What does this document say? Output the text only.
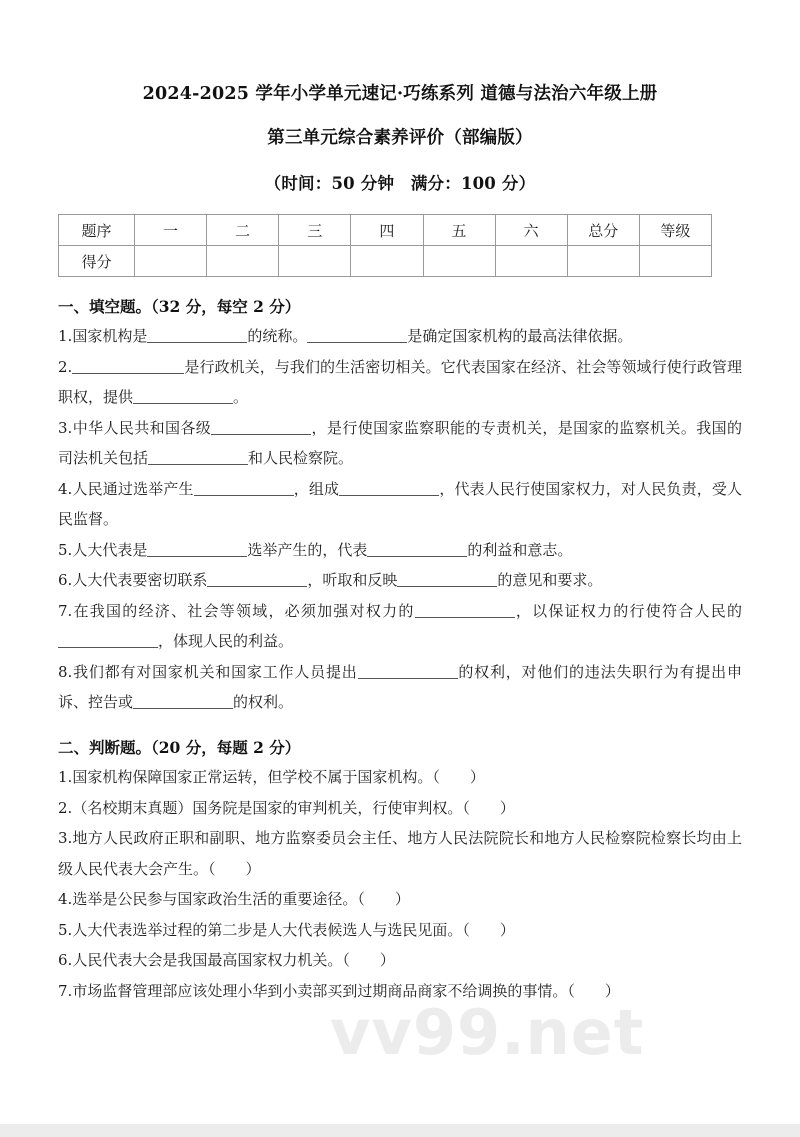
vv99.net
2024-2025 学年小学单元速记·巧练系列 道德与法治六年级上册
第三单元综合素养评价（部编版）
（时间：50 分钟　满分：100 分）
题序	一	二	三	四	五	六	总分	等级
得分								
一、填空题。（32 分，每空 2 分）

1.国家机构是	的统称。	是确定国家机构的最高法律依据。

2.	是行政机关，与我们的生活密切相关。它代表国家在经济、社会等领域行使行政管理职权，提供	。

3.中华人民共和国各级	，是行使国家监察职能的专责机关，是国家的监察机关。我国的司法机关包括	和人民检察院。

4.人民通过选举产生	，组成	，代表人民行使国家权力，对人民负责，受人民监督。

5.人大代表是	选举产生的，代表	的利益和意志。

6.人大代表要密切联系	，听取和反映	的意见和要求。

7.在我国的经济、社会等领域，必须加强对权力的	，以保证权力的行使符合人民的，体现人民的利益。

8.我们都有对国家机关和国家工作人员提出	的权利，对他们的违法失职行为有提出申诉、控告或	的权利。

二、判断题。（20 分，每题 2 分）

1.国家机构保障国家正常运转，但学校不属于国家机构。（　　）

2.（名校期末真题）国务院是国家的审判机关，行使审判权。（　　）

3.地方人民政府正职和副职、地方监察委员会主任、地方人民法院院长和地方人民检察院检察长均由上级人民代表大会产生。（　　）

4.选举是公民参与国家政治生活的重要途径。（　　）

5.人大代表选举过程的第二步是人大代表候选人与选民见面。（　　）

6.人民代表大会是我国最高国家权力机关。（　　）

7.市场监督管理部应该处理小华到小卖部买到过期商品商家不给调换的事情。（　　）
